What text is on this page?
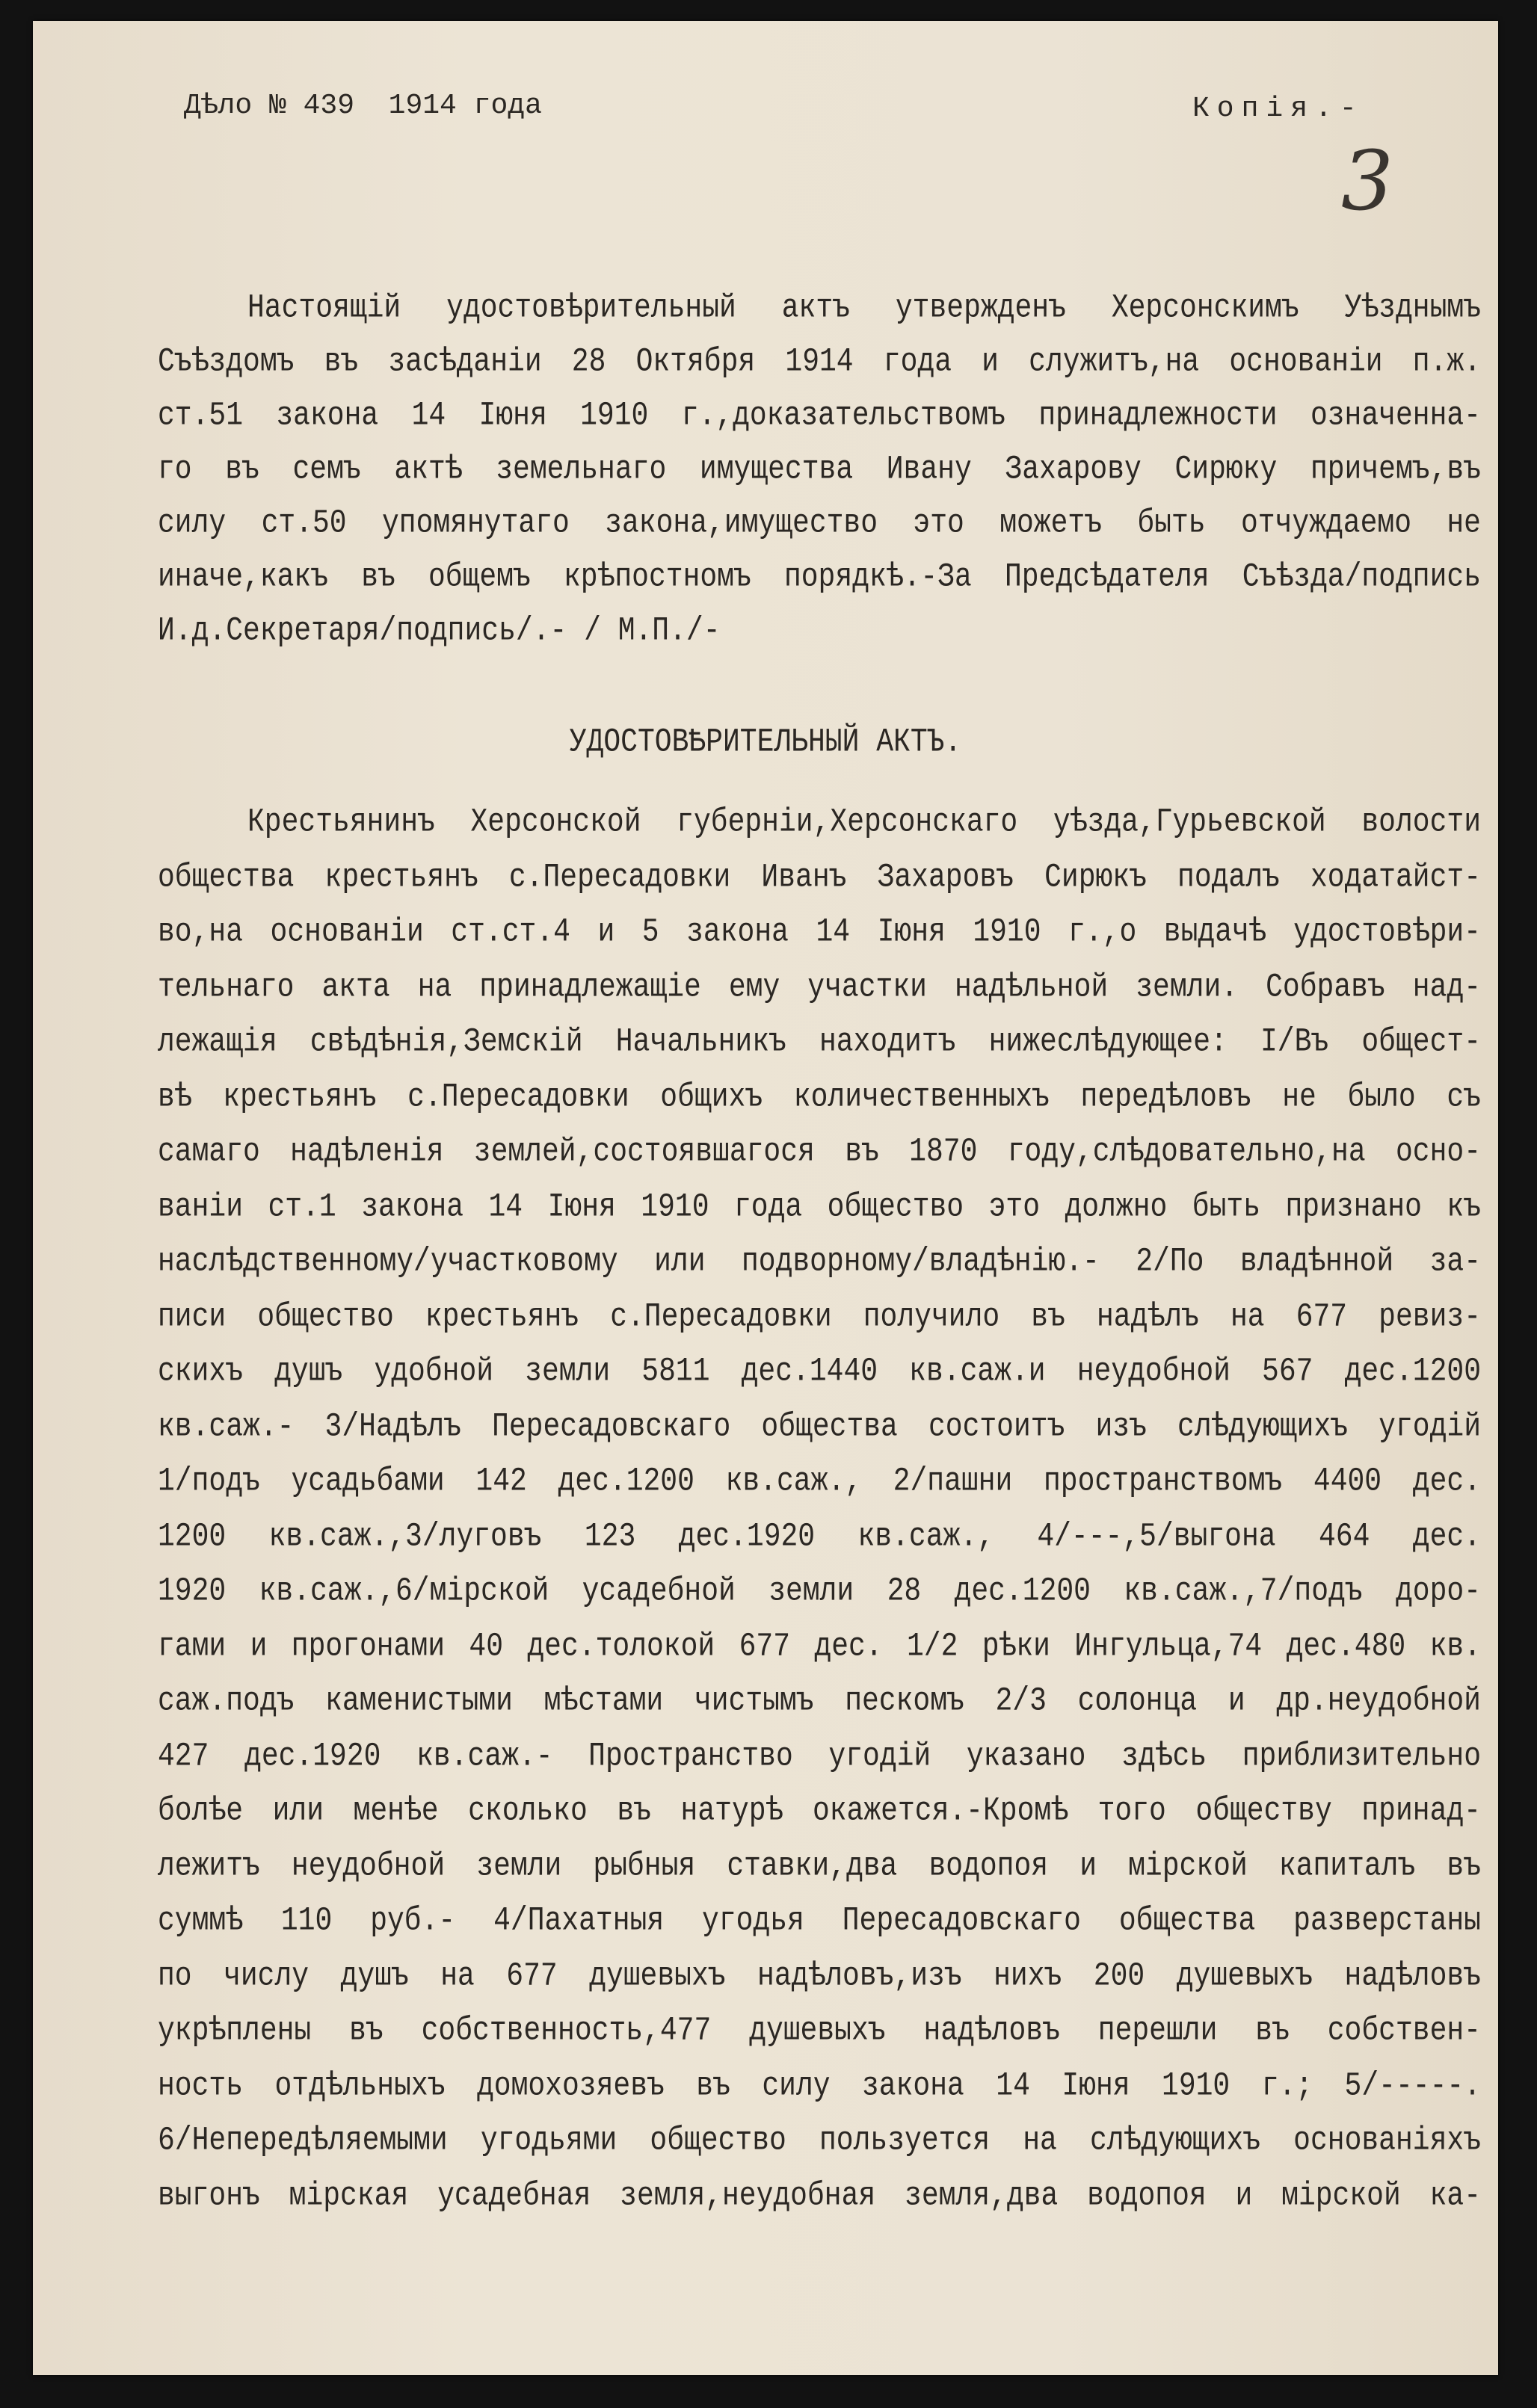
Дѣло № 439  1914 года	Копія.-
3
Настоящій удостовѣрительный актъ утвержденъ Херсонскимъ Уѣзднымъ
Съѣздомъ въ засѣданіи 28 Октября 1914 года и служитъ,на основаніи п.ж.
ст.51 закона 14 Іюня 1910 г.,доказательствомъ принадлежности означенна-
го въ семъ актѣ земельнаго имущества Ивану Захарову Сирюку причемъ,въ
силу ст.50 упомянутаго закона,имущество это можетъ быть отчуждаемо не
иначе,какъ въ общемъ крѣпостномъ порядкѣ.-За Предсѣдателя Съѣзда/подпись
И.д.Секретаря/подпись/.- / М.П./-
УДОСТОВѢРИТЕЛЬНЫЙ АКТЪ.
Крестьянинъ Херсонской губерніи,Херсонскаго уѣзда,Гурьевской волости
общества крестьянъ с.Пересадовки Иванъ Захаровъ Сирюкъ подалъ ходатайст-
во,на основаніи ст.ст.4 и 5 закона 14 Іюня 1910 г.,о выдачѣ удостовѣри-
тельнаго акта на принадлежащіе ему участки надѣльной земли. Собравъ над-
лежащія свѣдѣнія,Земскій Начальникъ находитъ нижеслѣдующее: I/Въ общест-
вѣ крестьянъ с.Пересадовки общихъ количественныхъ передѣловъ не было съ
самаго надѣленія землей,состоявшагося въ 1870 году,слѣдовательно,на осно-
ваніи ст.1 закона 14 Іюня 1910 года общество это должно быть признано къ
наслѣдственному/участковому или подворному/владѣнію.- 2/По владѣнной за-
писи общество крестьянъ с.Пересадовки получило въ надѣлъ на 677 ревиз-
скихъ душъ удобной земли 5811 дес.1440 кв.саж.и неудобной 567 дес.1200
кв.саж.- 3/Надѣлъ Пересадовскаго общества состоитъ изъ слѣдующихъ угодій
1/подъ усадьбами 142 дес.1200 кв.саж., 2/пашни пространствомъ 4400 дес.
1200 кв.саж.,3/луговъ 123 дес.1920 кв.саж., 4/---,5/выгона 464 дес.
1920 кв.саж.,6/мірской усадебной земли 28 дес.1200 кв.саж.,7/подъ доро-
гами и прогонами 40 дес.толокой 677 дес. 1/2 рѣки Ингульца,74 дес.480 кв.
саж.подъ каменистыми мѣстами чистымъ пескомъ 2/3 солонца и др.неудобной
427 дес.1920 кв.саж.- Пространство угодій указано здѣсь приблизительно
болѣе или менѣе сколько въ натурѣ окажется.-Кромѣ того обществу принад-
лежитъ неудобной земли рыбныя ставки,два водопоя и мірской капиталъ въ
суммѣ 110 руб.- 4/Пахатныя угодья Пересадовскаго общества разверстаны
по числу душъ на 677 душевыхъ надѣловъ,изъ нихъ 200 душевыхъ надѣловъ
укрѣплены въ собственность,477 душевыхъ надѣловъ перешли въ собствен-
ность отдѣльныхъ домохозяевъ въ силу закона 14 Іюня 1910 г.; 5/-----.
6/Непередѣляемыми угодьями общество пользуется на слѣдующихъ основаніяхъ
выгонъ мірская усадебная земля,неудобная земля,два водопоя и мірской ка-
